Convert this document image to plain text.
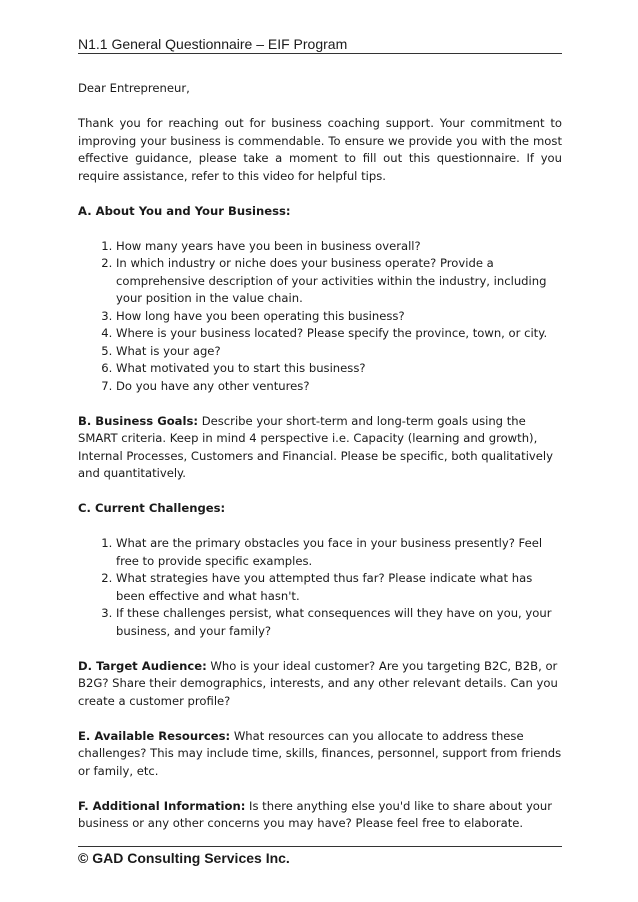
N1.1 General Questionnaire – EIF Program

Dear Entrepreneur,

Thank you for reaching out for business coaching support. Your commitment to improving your business is commendable. To ensure we provide you with the most effective guidance, please take a moment to fill out this questionnaire. If you require assistance, refer to this video for helpful tips.

A. About You and Your Business:

1. How many years have you been in business overall?
2. In which industry or niche does your business operate? Provide a comprehensive description of your activities within the industry, including your position in the value chain.
3. How long have you been operating this business?
4. Where is your business located? Please specify the province, town, or city.
5. What is your age?
6. What motivated you to start this business?
7. Do you have any other ventures?

B. Business Goals: Describe your short-term and long-term goals using the SMART criteria. Keep in mind 4 perspective i.e. Capacity (learning and growth), Internal Processes, Customers and Financial. Please be specific, both qualitatively and quantitatively.

C. Current Challenges:

1. What are the primary obstacles you face in your business presently? Feel free to provide specific examples.
2. What strategies have you attempted thus far? Please indicate what has been effective and what hasn't.
3. If these challenges persist, what consequences will they have on you, your business, and your family?

D. Target Audience: Who is your ideal customer? Are you targeting B2C, B2B, or B2G? Share their demographics, interests, and any other relevant details. Can you create a customer profile?

E. Available Resources: What resources can you allocate to address these challenges? This may include time, skills, finances, personnel, support from friends or family, etc.

F. Additional Information: Is there anything else you'd like to share about your business or any other concerns you may have? Please feel free to elaborate.

© GAD Consulting Services Inc.
